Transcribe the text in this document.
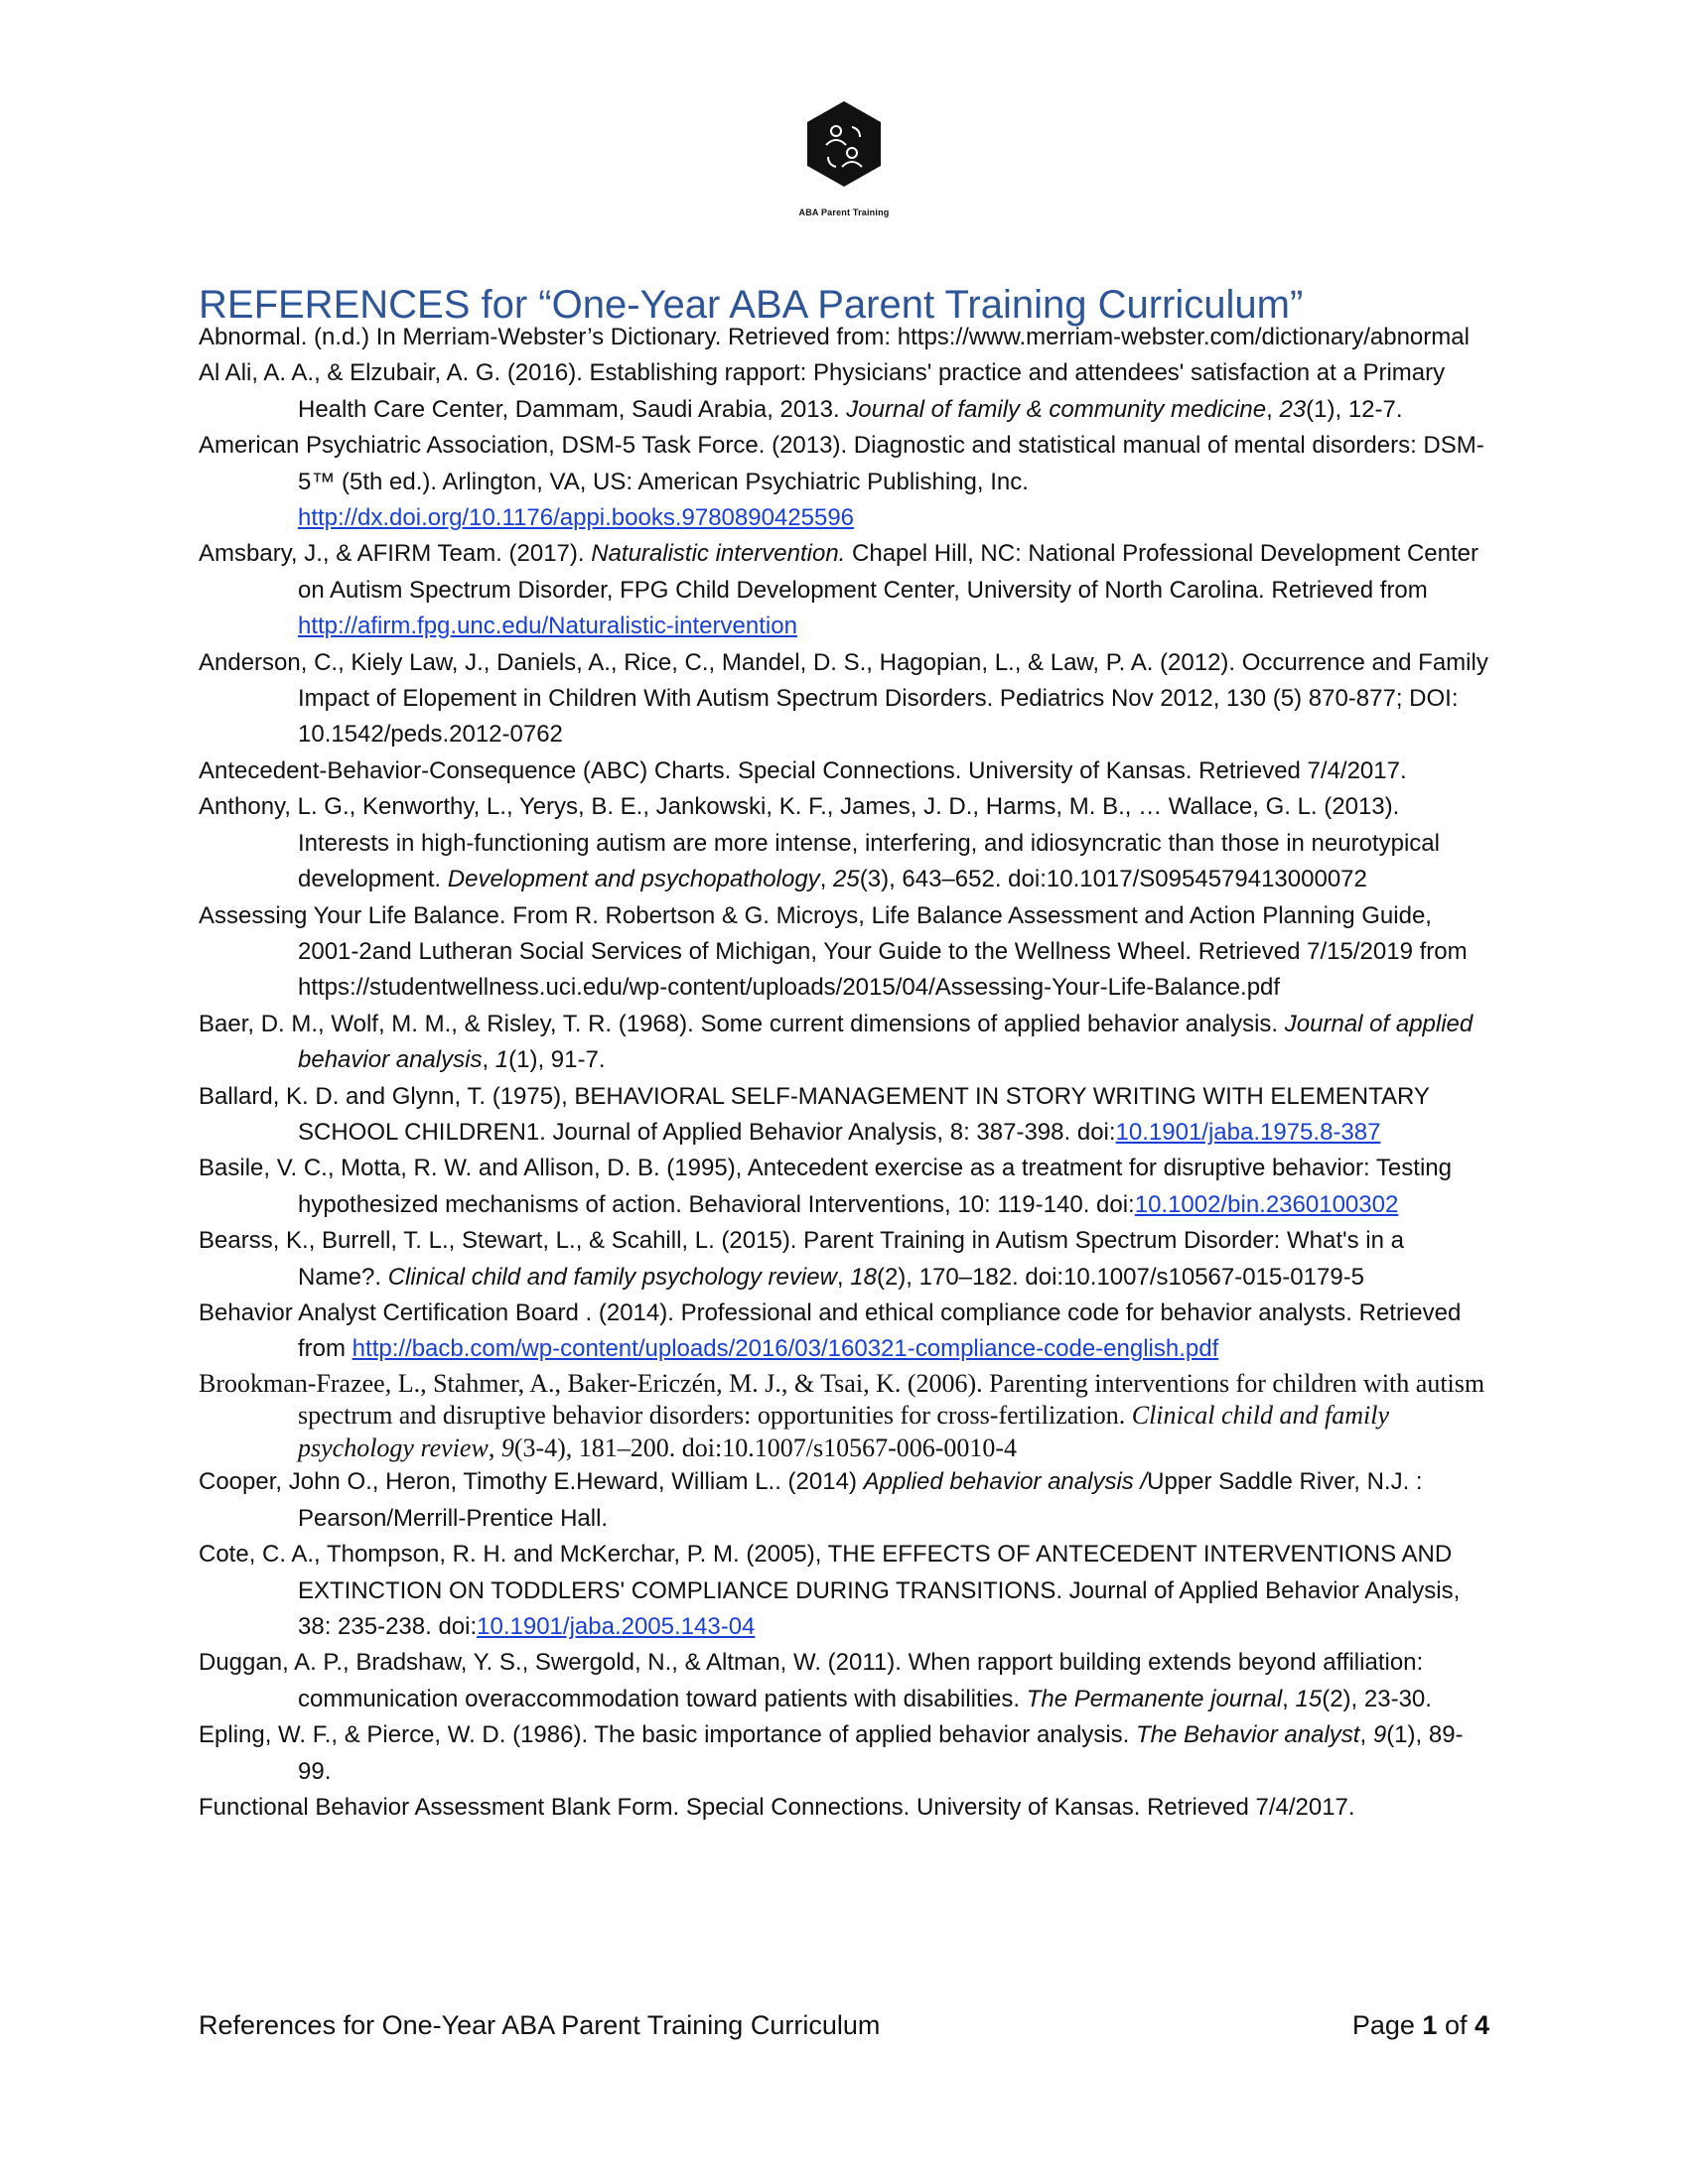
ABA Parent Training
REFERENCES for “One-Year ABA Parent Training Curriculum”

Abnormal. (n.d.) In Merriam-Webster’s Dictionary. Retrieved from: https://www.merriam-webster.com/dictionary/abnormal

Al Ali, A. A., & Elzubair, A. G. (2016). Establishing rapport: Physicians' practice and attendees' satisfaction at a Primary Health Care Center, Dammam, Saudi Arabia, 2013. Journal of family & community medicine, 23(1), 12-7.

American Psychiatric Association, DSM-5 Task Force. (2013). Diagnostic and statistical manual of mental disorders: DSM-5™ (5th ed.). Arlington, VA, US: American Psychiatric Publishing, Inc. http://dx.doi.org/10.1176/appi.books.9780890425596

Amsbary, J., & AFIRM Team. (2017). Naturalistic intervention. Chapel Hill, NC: National Professional Development Center on Autism Spectrum Disorder, FPG Child Development Center, University of North Carolina. Retrieved from http://afirm.fpg.unc.edu/Naturalistic-intervention

Anderson, C., Kiely Law, J., Daniels, A., Rice, C., Mandel, D. S., Hagopian, L., & Law, P. A. (2012). Occurrence and Family Impact of Elopement in Children With Autism Spectrum Disorders. Pediatrics Nov 2012, 130 (5) 870-877; DOI: 10.1542/peds.2012-0762

Antecedent-Behavior-Consequence (ABC) Charts. Special Connections. University of Kansas. Retrieved 7/4/2017.

Anthony, L. G., Kenworthy, L., Yerys, B. E., Jankowski, K. F., James, J. D., Harms, M. B., … Wallace, G. L. (2013). Interests in high-functioning autism are more intense, interfering, and idiosyncratic than those in neurotypical development. Development and psychopathology, 25(3), 643–652. doi:10.1017/S0954579413000072

Assessing Your Life Balance. From R. Robertson & G. Microys, Life Balance Assessment and Action Planning Guide, 2001-2and Lutheran Social Services of Michigan, Your Guide to the Wellness Wheel. Retrieved 7/15/2019 from https://studentwellness.uci.edu/wp-content/uploads/2015/04/Assessing-Your-Life-Balance.pdf

Baer, D. M., Wolf, M. M., & Risley, T. R. (1968). Some current dimensions of applied behavior analysis. Journal of applied behavior analysis, 1(1), 91-7.

Ballard, K. D. and Glynn, T. (1975), BEHAVIORAL SELF-MANAGEMENT IN STORY WRITING WITH ELEMENTARY SCHOOL CHILDREN1. Journal of Applied Behavior Analysis, 8: 387-398. doi:10.1901/jaba.1975.8-387

Basile, V. C., Motta, R. W. and Allison, D. B. (1995), Antecedent exercise as a treatment for disruptive behavior: Testing hypothesized mechanisms of action. Behavioral Interventions, 10: 119-140. doi:10.1002/bin.2360100302

Bearss, K., Burrell, T. L., Stewart, L., & Scahill, L. (2015). Parent Training in Autism Spectrum Disorder: What's in a Name?. Clinical child and family psychology review, 18(2), 170–182. doi:10.1007/s10567-015-0179-5

Behavior Analyst Certification Board . (2014). Professional and ethical compliance code for behavior analysts. Retrieved from http://bacb.com/wp-content/uploads/2016/03/160321-compliance-code-english.pdf

Brookman-Frazee, L., Stahmer, A., Baker-Ericzén, M. J., & Tsai, K. (2006). Parenting interventions for children with autism spectrum and disruptive behavior disorders: opportunities for cross-fertilization. Clinical child and family psychology review, 9(3-4), 181–200. doi:10.1007/s10567-006-0010-4

Cooper, John O., Heron, Timothy E.Heward, William L.. (2014) Applied behavior analysis /Upper Saddle River, N.J. : Pearson/Merrill-Prentice Hall.

Cote, C. A., Thompson, R. H. and McKerchar, P. M. (2005), THE EFFECTS OF ANTECEDENT INTERVENTIONS AND EXTINCTION ON TODDLERS' COMPLIANCE DURING TRANSITIONS. Journal of Applied Behavior Analysis, 38: 235-238. doi:10.1901/jaba.2005.143-04

Duggan, A. P., Bradshaw, Y. S., Swergold, N., & Altman, W. (2011). When rapport building extends beyond affiliation: communication overaccommodation toward patients with disabilities. The Permanente journal, 15(2), 23-30.

Epling, W. F., & Pierce, W. D. (1986). The basic importance of applied behavior analysis. The Behavior analyst, 9(1), 89-99.

Functional Behavior Assessment Blank Form. Special Connections. University of Kansas. Retrieved 7/4/2017.

References for One-Year ABA Parent Training Curriculum	Page 1 of 4
